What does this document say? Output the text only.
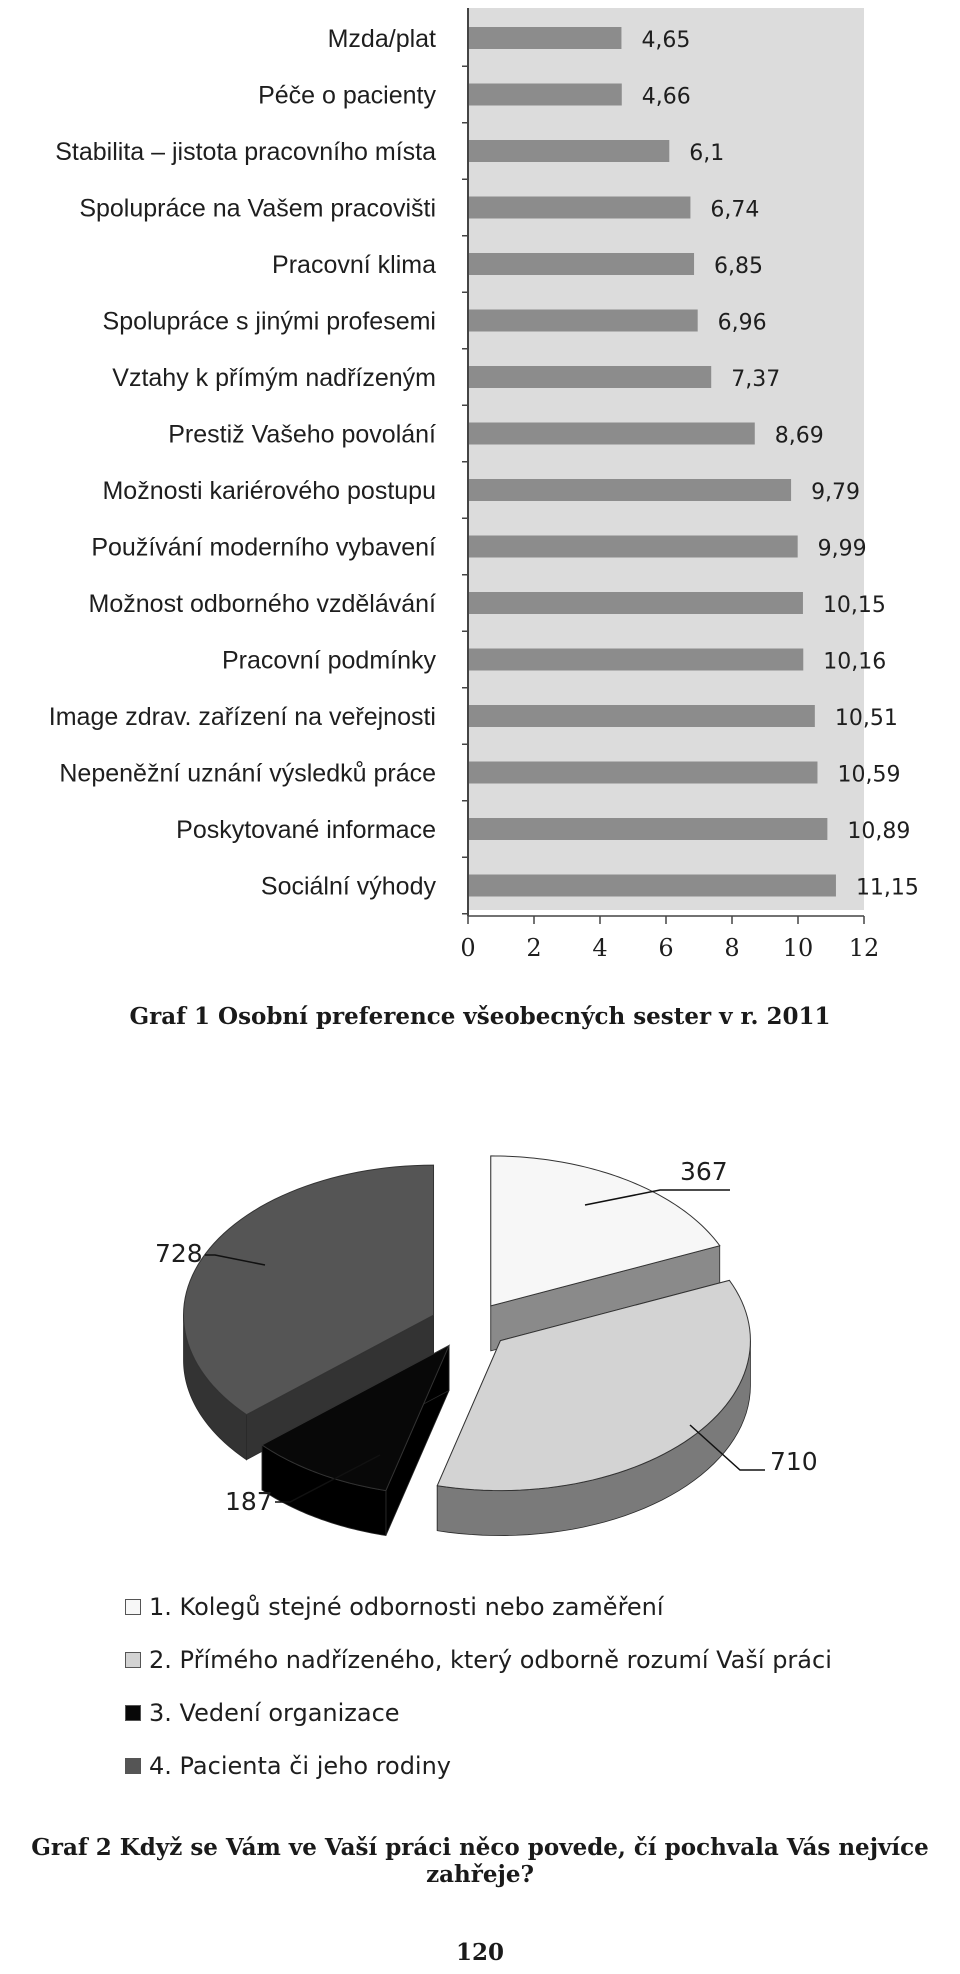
Mzda/plat	4,65
Péče o pacienty	4,66
Stabilita – jistota pracovního místa	6,1
Spolupráce na Vašem pracovišti	6,74
Pracovní klima	6,85
Spolupráce s jinými profesemi	6,96
Vztahy k přímým nadřízeným	7,37
Prestiž Vašeho povolání	8,69
Možnosti kariérového postupu	9,79
Používání moderního vybavení	9,99
Možnost odborného vzdělávání	10,15
Pracovní podmínky	10,16
Image zdrav. zařízení na veřejnosti	10,51
Nepeněžní uznání výsledků práce	10,59
Poskytované informace	10,89
Sociální výhody	11,15
0 2 4 6 8 10 12
Graf 1 Osobní preference všeobecných sester v r. 2011
367
710
187
728
1. Kolegů stejné odbornosti nebo zaměření
2. Přímého nadřízeného, který odborně rozumí Vaší práci
3. Vedení organizace
4. Pacienta či jeho rodiny
Graf 2 Když se Vám ve Vaší práci něco povede, čí pochvala Vás nejvíce zahřeje?
120
